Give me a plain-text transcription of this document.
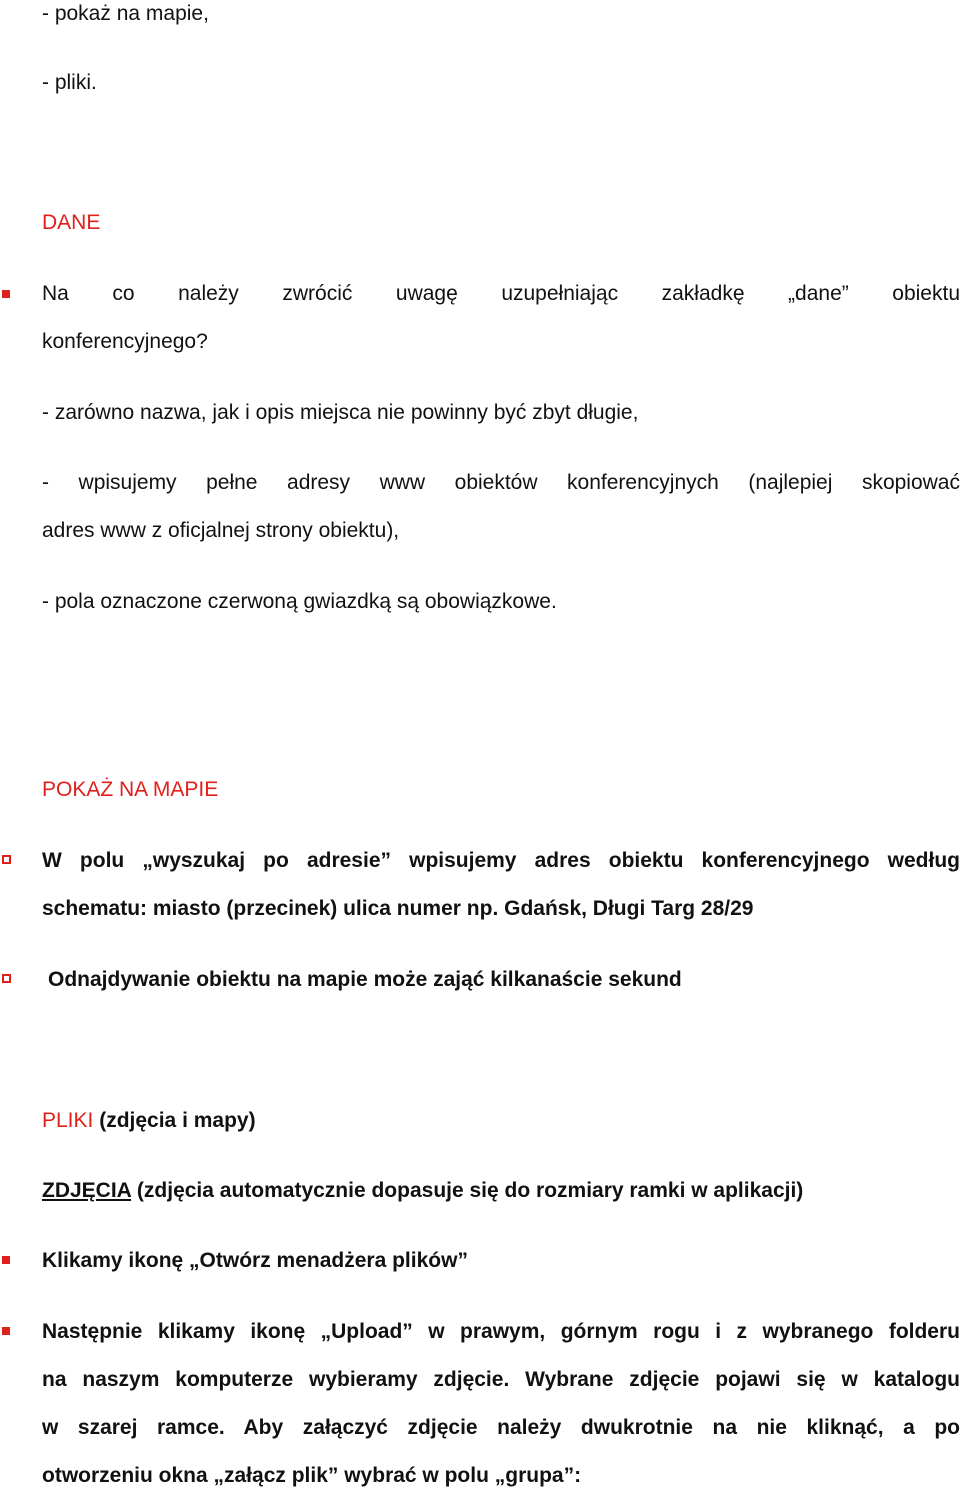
- pokaż na mapie,
- pliki.
DANE
Na co należy zwrócić uwagę uzupełniając zakładkę „dane” obiektu
konferencyjnego?
- zarówno nazwa, jak i opis miejsca nie powinny być zbyt długie,
- wpisujemy pełne adresy www obiektów konferencyjnych (najlepiej skopiować
adres www z oficjalnej strony obiektu),
- pola oznaczone czerwoną gwiazdką są obowiązkowe.
POKAŻ NA MAPIE
W polu „wyszukaj po adresie” wpisujemy adres obiektu konferencyjnego według
schematu: miasto (przecinek) ulica numer np. Gdańsk, Długi Targ 28/29
Odnajdywanie obiektu na mapie może zająć kilkanaście sekund
PLIKI (zdjęcia i mapy)
ZDJĘCIA (zdjęcia automatycznie dopasuje się do rozmiary ramki w aplikacji)
Klikamy ikonę „Otwórz menadżera plików”
Następnie klikamy ikonę „Upload” w prawym, górnym rogu i z wybranego folderu
na naszym komputerze wybieramy zdjęcie. Wybrane zdjęcie pojawi się w katalogu
w szarej ramce. Aby załączyć zdjęcie należy dwukrotnie na nie kliknąć, a po
otworzeniu okna „załącz plik” wybrać w polu „grupa”:
